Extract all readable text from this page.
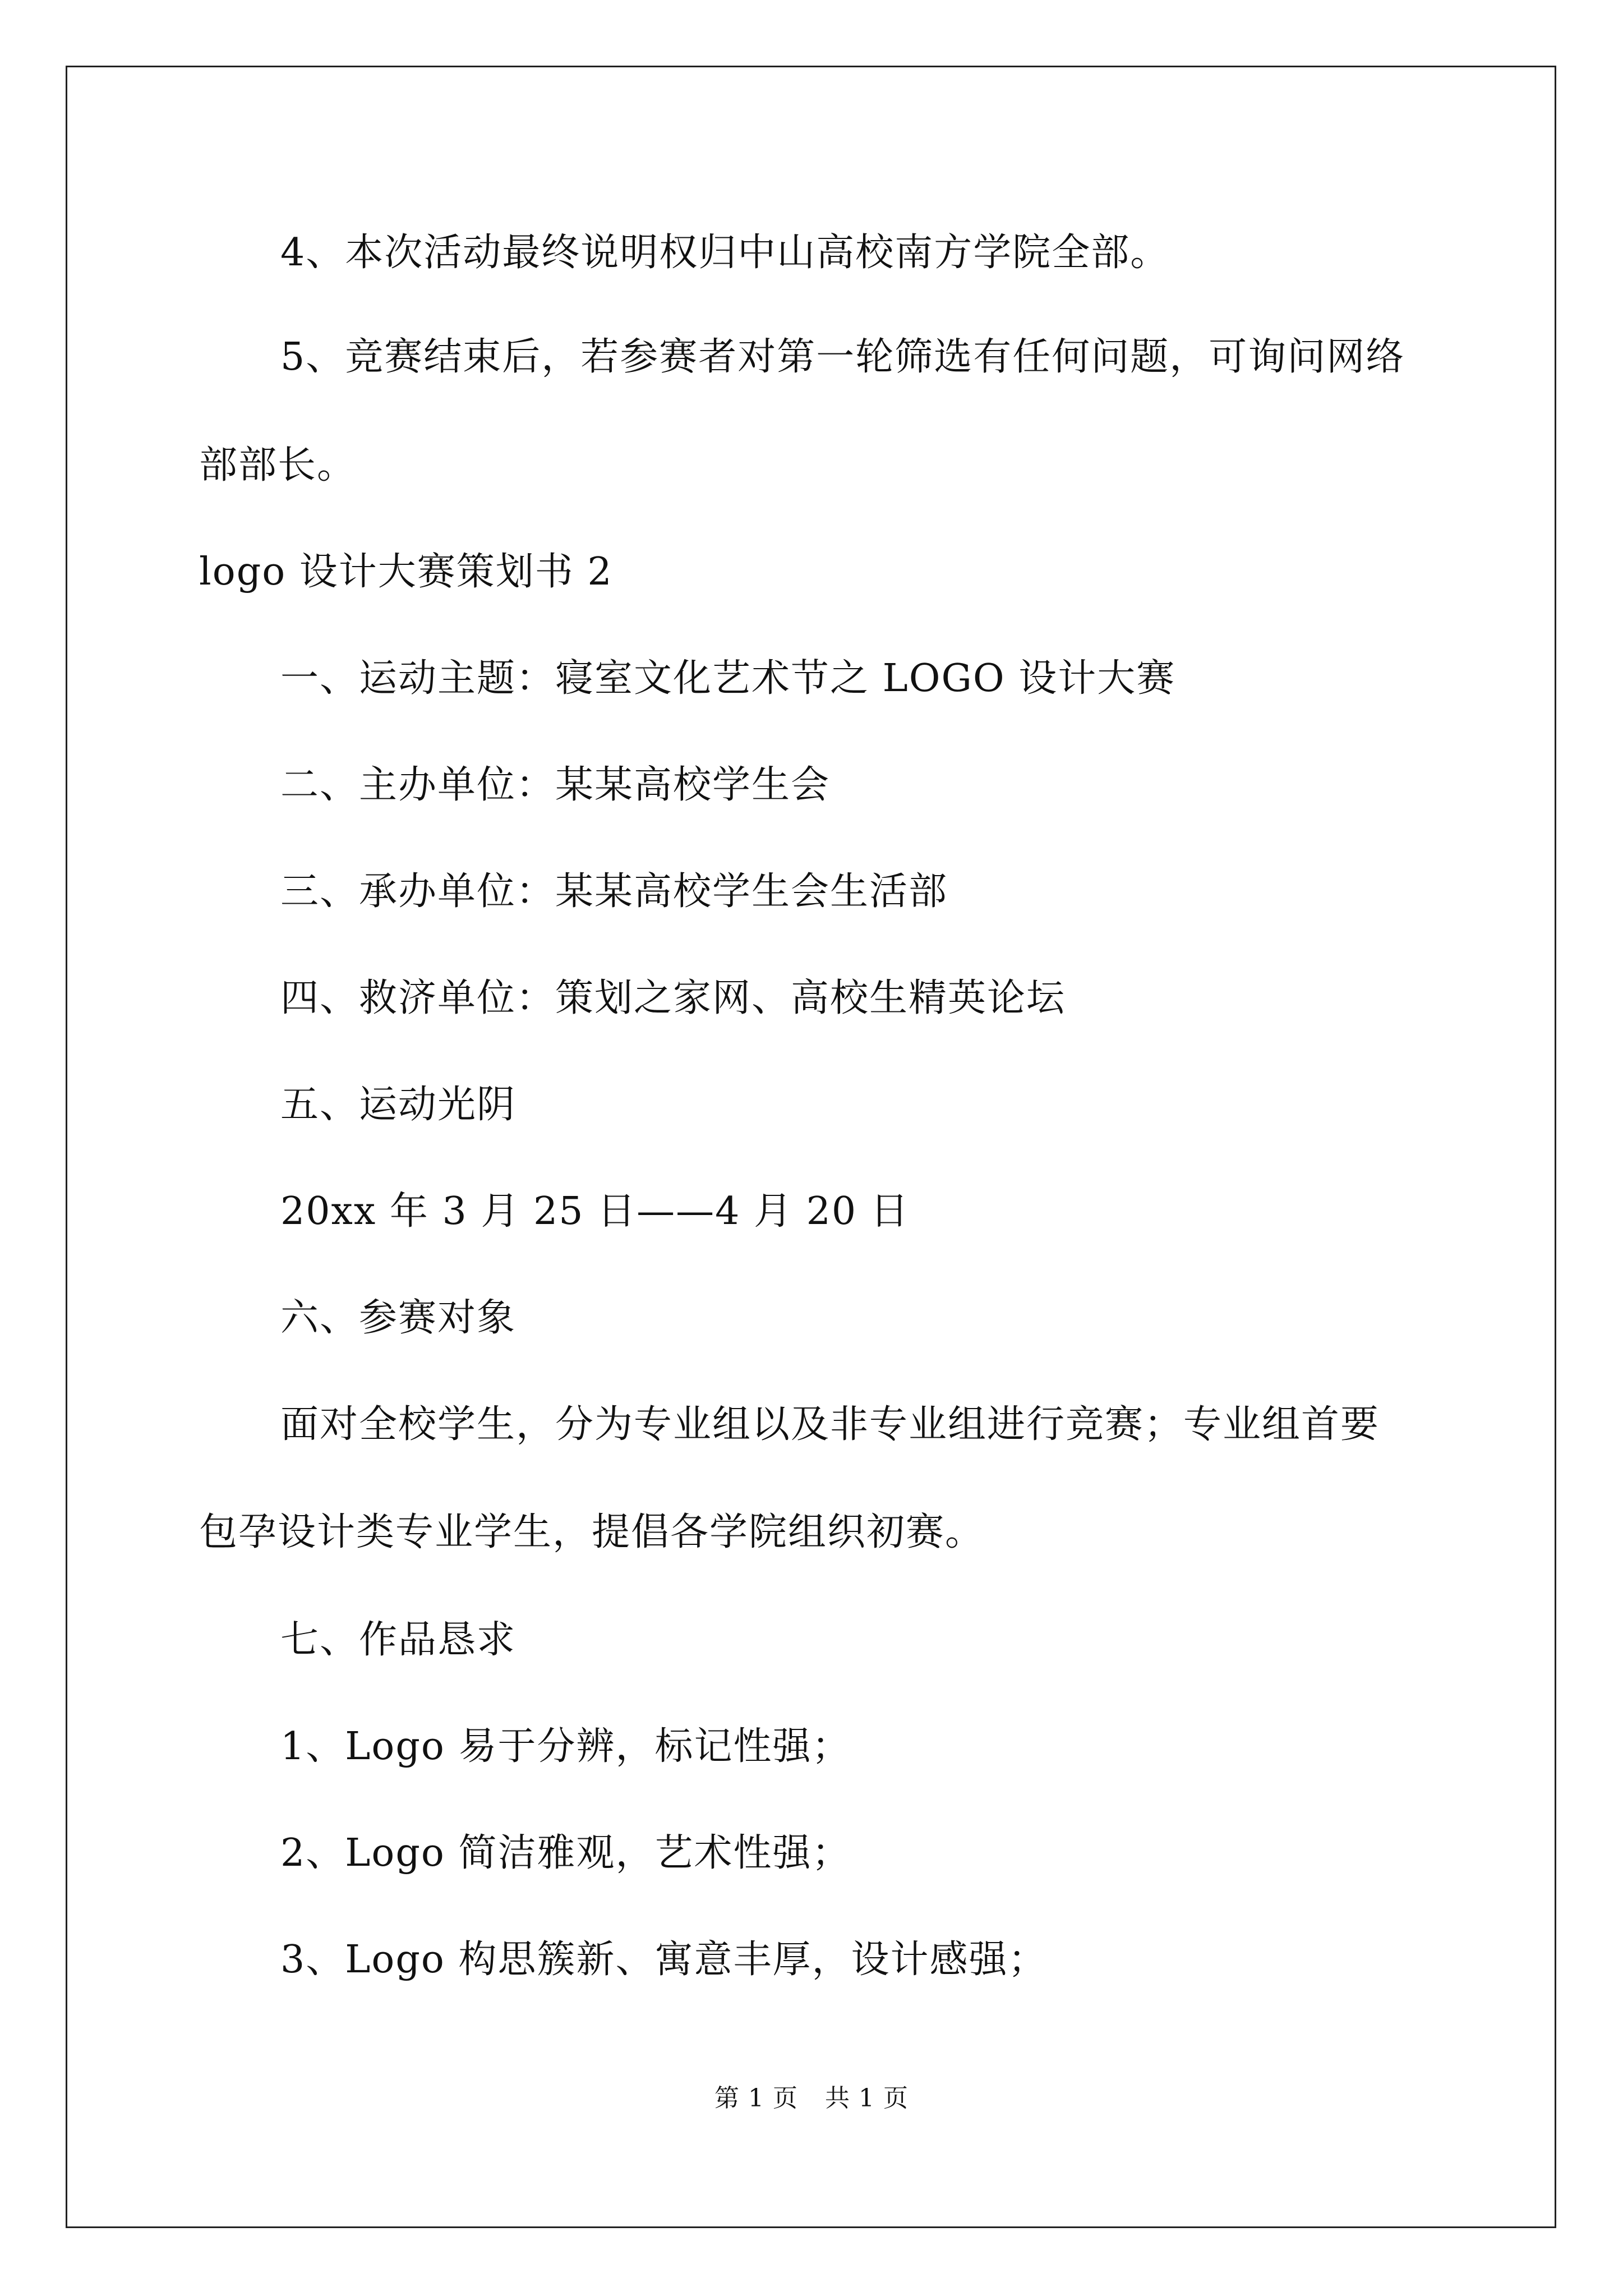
4、本次活动最终说明权归中山高校南方学院全部。
5、竞赛结束后，若参赛者对第一轮筛选有任何问题，可询问网络
部部长。
logo 设计大赛策划书 2
一、运动主题：寝室文化艺术节之 LOGO 设计大赛
二、主办单位：某某高校学生会
三、承办单位：某某高校学生会生活部
四、救济单位：策划之家网、高校生精英论坛
五、运动光阴
20xx 年 3 月 25 日——4 月 20 日
六、参赛对象
面对全校学生，分为专业组以及非专业组进行竞赛；专业组首要
包孕设计类专业学生，提倡各学院组织初赛。
七、作品恳求
1、Logo 易于分辨，标记性强；
2、Logo 简洁雅观，艺术性强；
3、Logo 构思簇新、寓意丰厚，设计感强；
第 1 页 共 1 页
